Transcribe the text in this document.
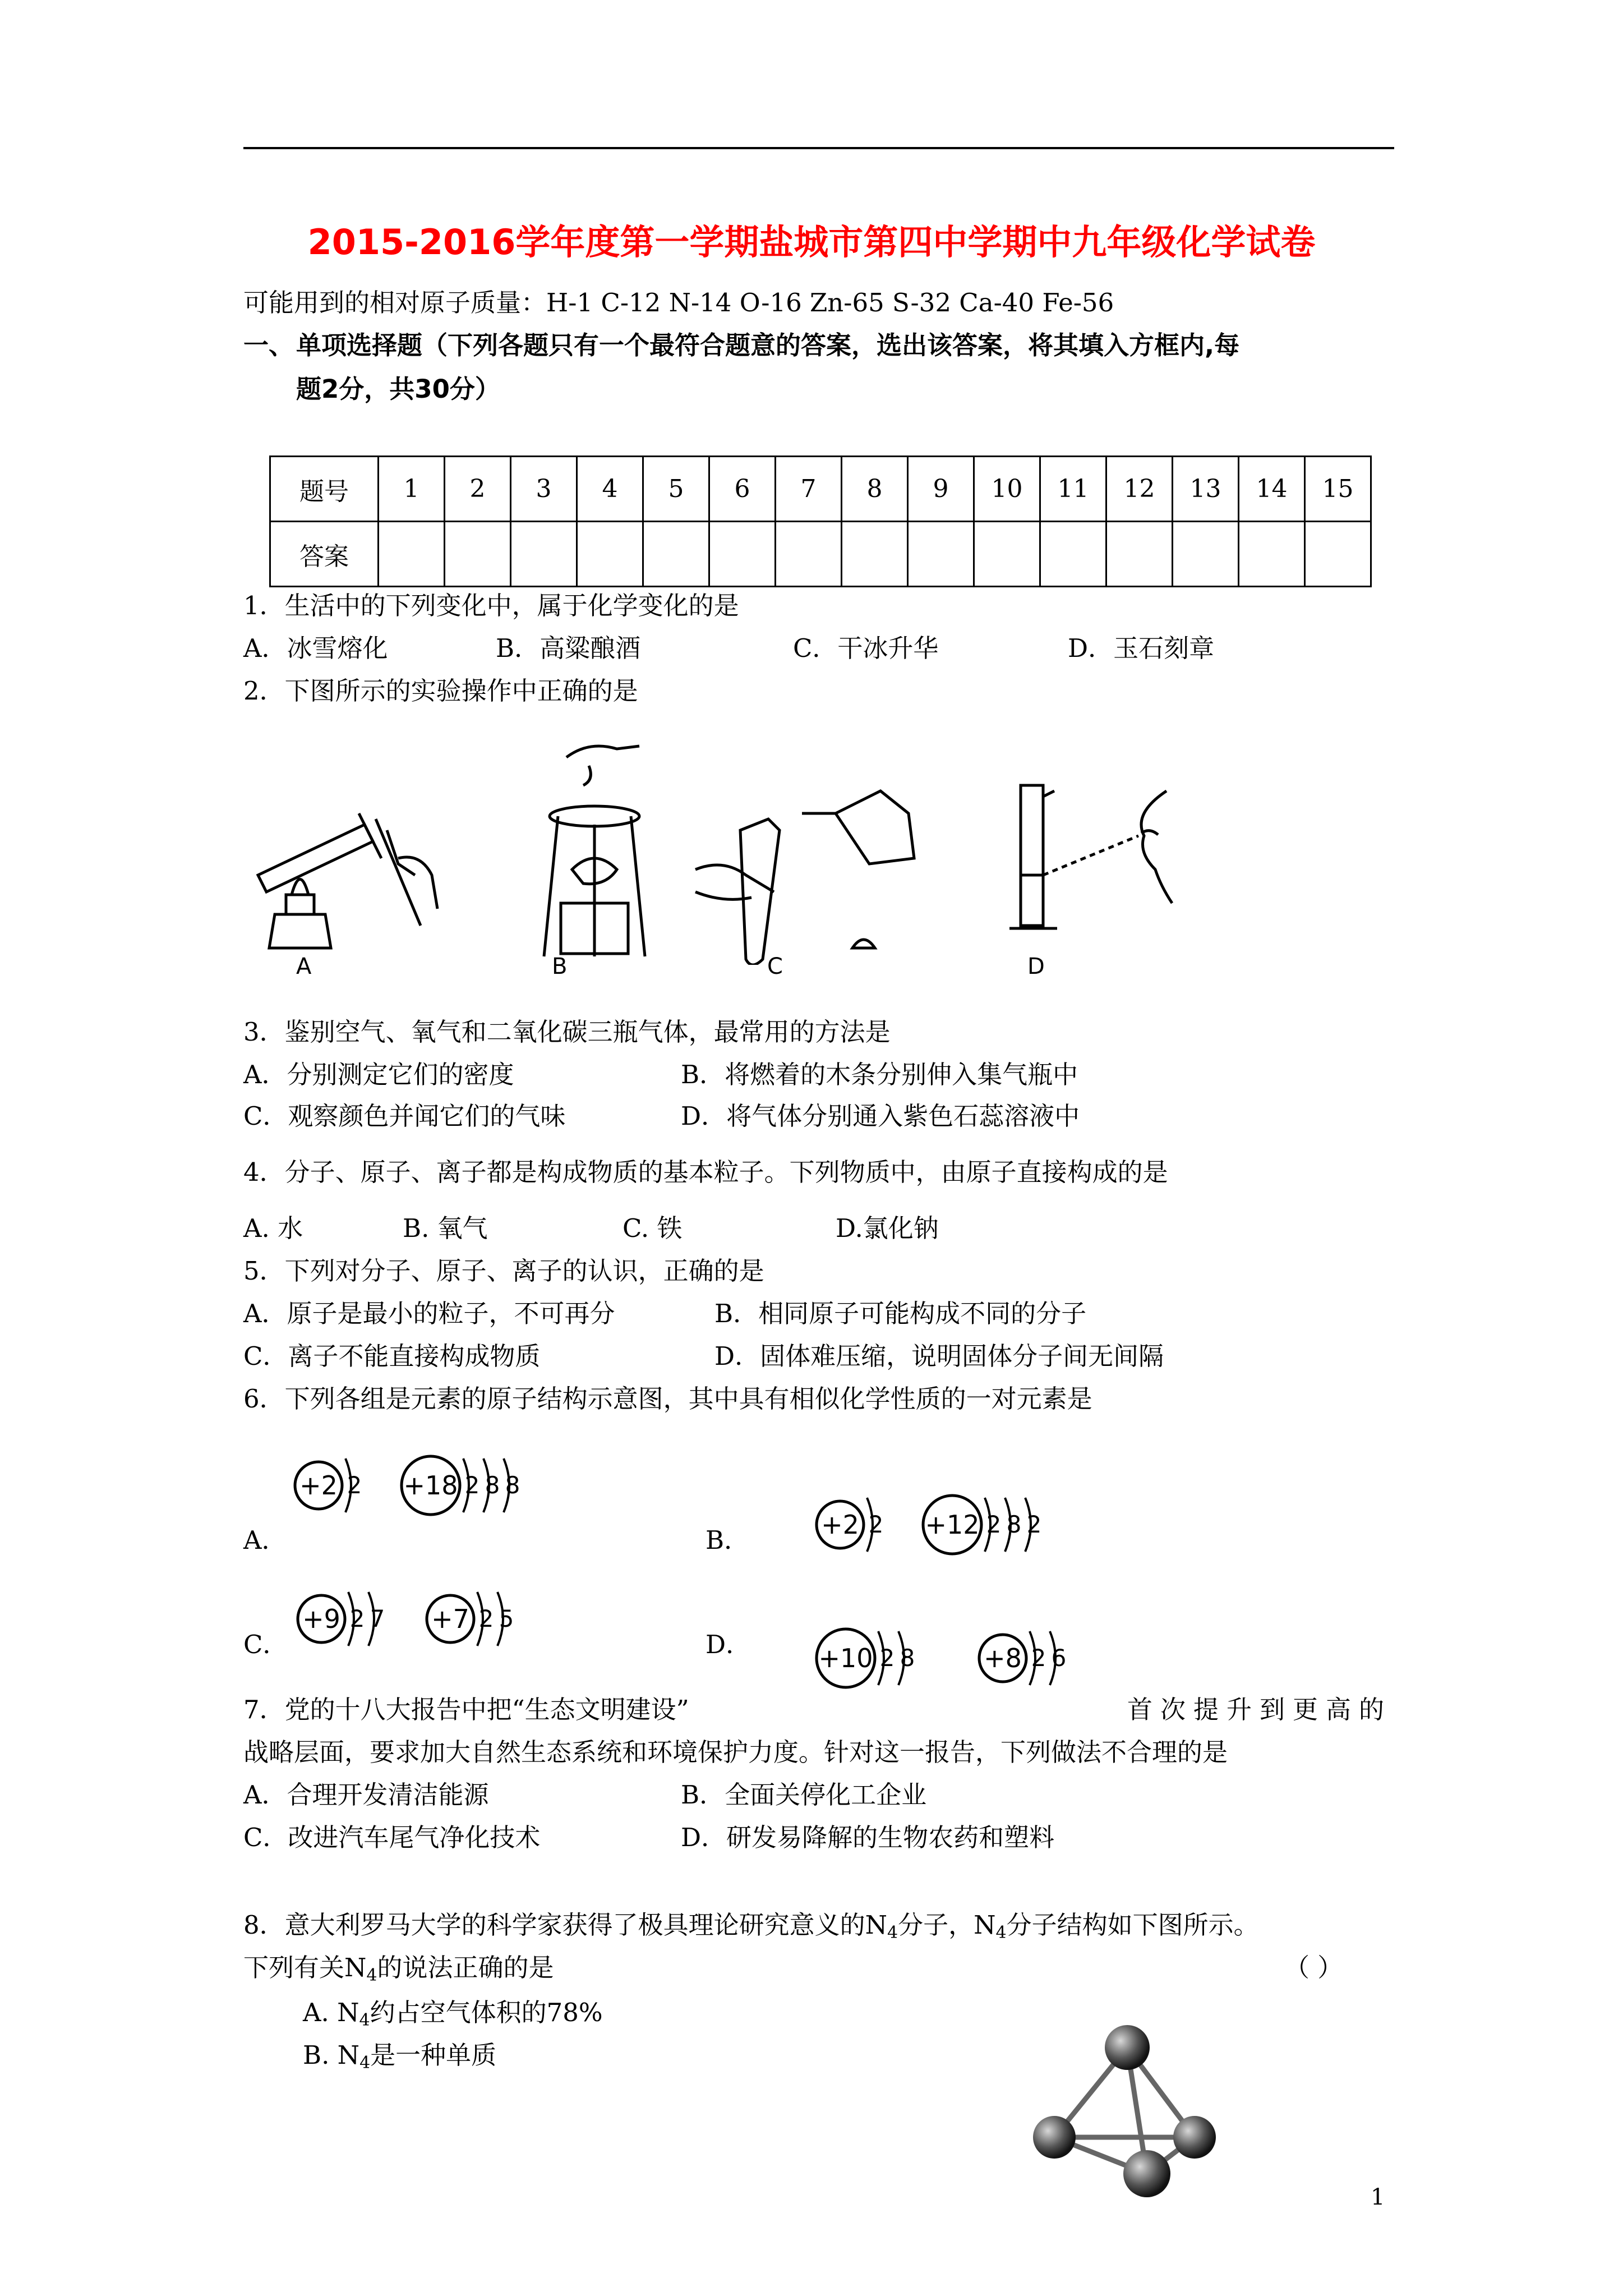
2015-2016学年度第一学期盐城市第四中学期中九年级化学试卷
可能用到的相对原子质量：H-1 C-12 N-14 O-16 Zn-65 S-32 Ca-40 Fe-56
一、 单项选择题（下列各题只有一个最符合题意的答案，选出该答案，将其填入方框内,每
题2分，共30分）
题号	1	2	3	4	5	6	7	8	9	10	11	12	13	14	15
答案															
1．生活中的下列变化中，属于化学变化的是
A．冰雪熔化	B．高粱酿酒	C．干冰升华	D．玉石刻章
2．下图所示的实验操作中正确的是
A	B	C	D
3．鉴别空气、氧气和二氧化碳三瓶气体，最常用的方法是
A．分别测定它们的密度	B．将燃着的木条分别伸入集气瓶中
C．观察颜色并闻它们的气味	D．将气体分别通入紫色石蕊溶液中
4．分子、原子、离子都是构成物质的基本粒子。下列物质中，由原子直接构成的是
A. 水	B. 氧气	C. 铁	D.氯化钠
5．下列对分子、原子、离子的认识，正确的是
A．原子是最小的粒子，不可再分	B．相同原子可能构成不同的分子
C．离子不能直接构成物质	D．固体难压缩，说明固体分子间无间隔
6．下列各组是元素的原子结构示意图，其中具有相似化学性质的一对元素是
A．	B．
C．	D．
+2 2 +18 2 8 8
+2 2 +12 2 8 2
+9 2 7 +7 2 5
+10 2 8	+8 2 6
7．党的十八大报告中把“生态文明建设”	首次提升到更高的
战略层面，要求加大自然生态系统和环境保护力度。针对这一报告，下列做法不合理的是
A．合理开发清洁能源	B．全面关停化工企业
C．改进汽车尾气净化技术	D．研发易降解的生物农药和塑料
8．意大利罗马大学的科学家获得了极具理论研究意义的$N_4$分子，$N_4$分子结构如下图所示。
下列有关$N_4$的说法正确的是	（ ）
A. $N_4$约占空气体积的78%
B. $N_4$是一种单质
1
